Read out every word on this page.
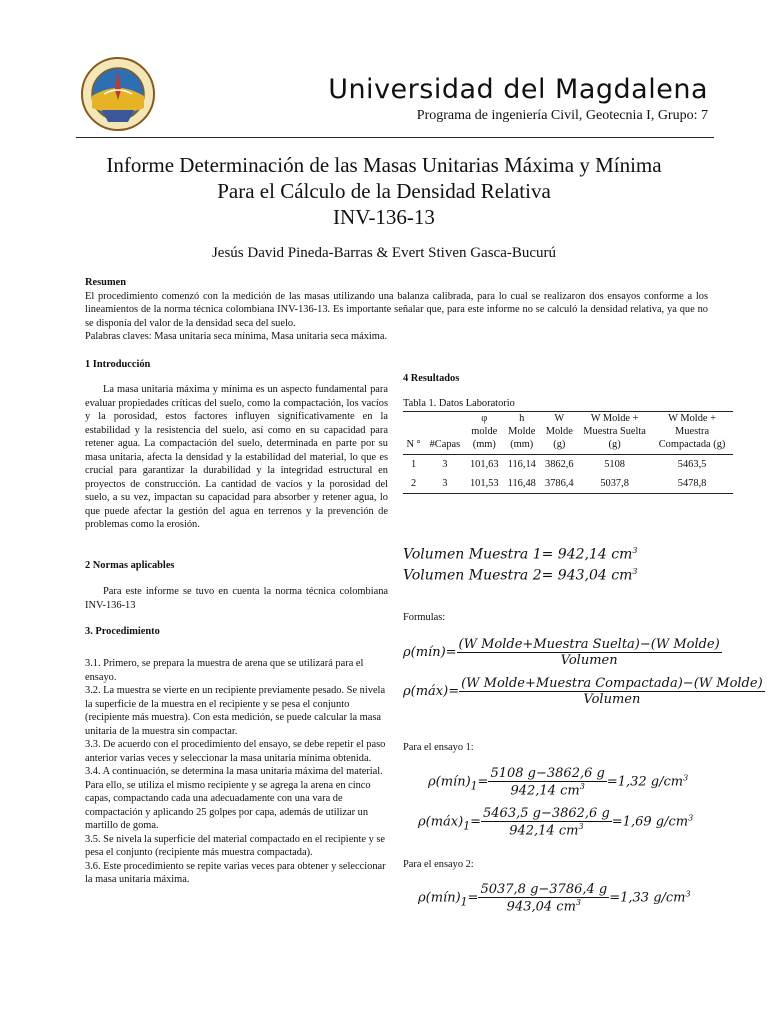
Universidad del Magdalena
Programa de ingeniería Civil, Geotecnia I, Grupo: 7
Informe Determinación de las Masas Unitarias Máxima y Mínima
Para el Cálculo de la Densidad Relativa
INV-136-13
Jesús David Pineda-Barras & Evert Stiven Gasca-Bucurú
Resumen
El procedimiento comenzó con la medición de las masas utilizando una balanza calibrada, para lo cual se realizaron dos ensayos conforme a los lineamientos de la norma técnica colombiana INV-136-13. Es importante señalar que, para este informe no se calculó la densidad relativa, ya que no se disponía del valor de la densidad seca del suelo.
Palabras claves: Masa unitaria seca mínima, Masa unitaria seca máxima.
1 Introducción
La masa unitaria máxima y mínima es un aspecto fundamental para evaluar propiedades críticas del suelo, como la compactación, los vacíos y la porosidad, estos factores influyen significativamente en la estabilidad y la resistencia del suelo, así como en su capacidad para retener agua. La compactación del suelo, determinada en parte por su masa unitaria, afecta la densidad y la estabilidad del material, lo que es crucial para garantizar la durabilidad y la integridad estructural en proyectos de construcción. La cantidad de vacíos y la porosidad del suelo, a su vez, impactan su capacidad para absorber y retener agua, lo que puede afectar la gestión del agua en terrenos y la prevención de problemas como la erosión.
2 Normas aplicables
Para este informe se tuvo en cuenta la norma técnica colombiana INV-136-13
3. Procedimiento
3.1. Primero, se prepara la muestra de arena que se utilizará para el ensayo.
3.2. La muestra se vierte en un recipiente previamente pesado. Se nivela la superficie de la muestra en el recipiente y se pesa el conjunto (recipiente más muestra). Con esta medición, se puede calcular la masa unitaria de la muestra sin compactar.
3.3. De acuerdo con el procedimiento del ensayo, se debe repetir el paso anterior varias veces y seleccionar la masa unitaria mínima obtenida.
3.4. A continuación, se determina la masa unitaria máxima del material. Para ello, se utiliza el mismo recipiente y se agrega la arena en cinco capas, compactando cada una adecuadamente con una vara de compactación y aplicando 25 golpes por capa, además de utilizar un martillo de goma.
3.5. Se nivela la superficie del material compactado en el recipiente y se pesa el conjunto (recipiente más muestra compactada).
3.6. Este procedimiento se repite varias veces para obtener y seleccionar la masa unitaria máxima.
4 Resultados
Tabla 1. Datos Laboratorio
N °	#Capas	φ molde (mm)	h Molde (mm)	W Molde (g)	W Molde + Muestra Suelta (g)	W Molde + Muestra Compactada (g)
1	3	101,63	116,14	3862,6	5108	5463,5
2	3	101,53	116,48	3786,4	5037,8	5478,8
Volumen Muestra 1= 942,14 $cm^3$
Volumen Muestra 2= 943,04 $cm^3$
Formulas:
ρ(mín)= $\frac{\text{(W Molde+Muestra Suelta)−(W Molde)}}{\text{Volumen}}$
ρ(máx)= $\frac{\text{(W Molde+Muestra Compactada)−(W Molde)}}{\text{Volumen}}$
Para el ensayo 1:
$\rho(mín)_1= \frac{5108 g-3862,6 g}{942,14 cm^3} =1,32$ $g/cm^3$
$\rho(máx)_1= \frac{5463,5 g-3862,6 g}{942,14 cm^3} =1,69$ $g/cm^3$
Para el ensayo 2:
$\rho(mín)_1= \frac{5037,8 g-3786,4 g}{943,04 cm^3} =1,33$ $g/cm^3$
